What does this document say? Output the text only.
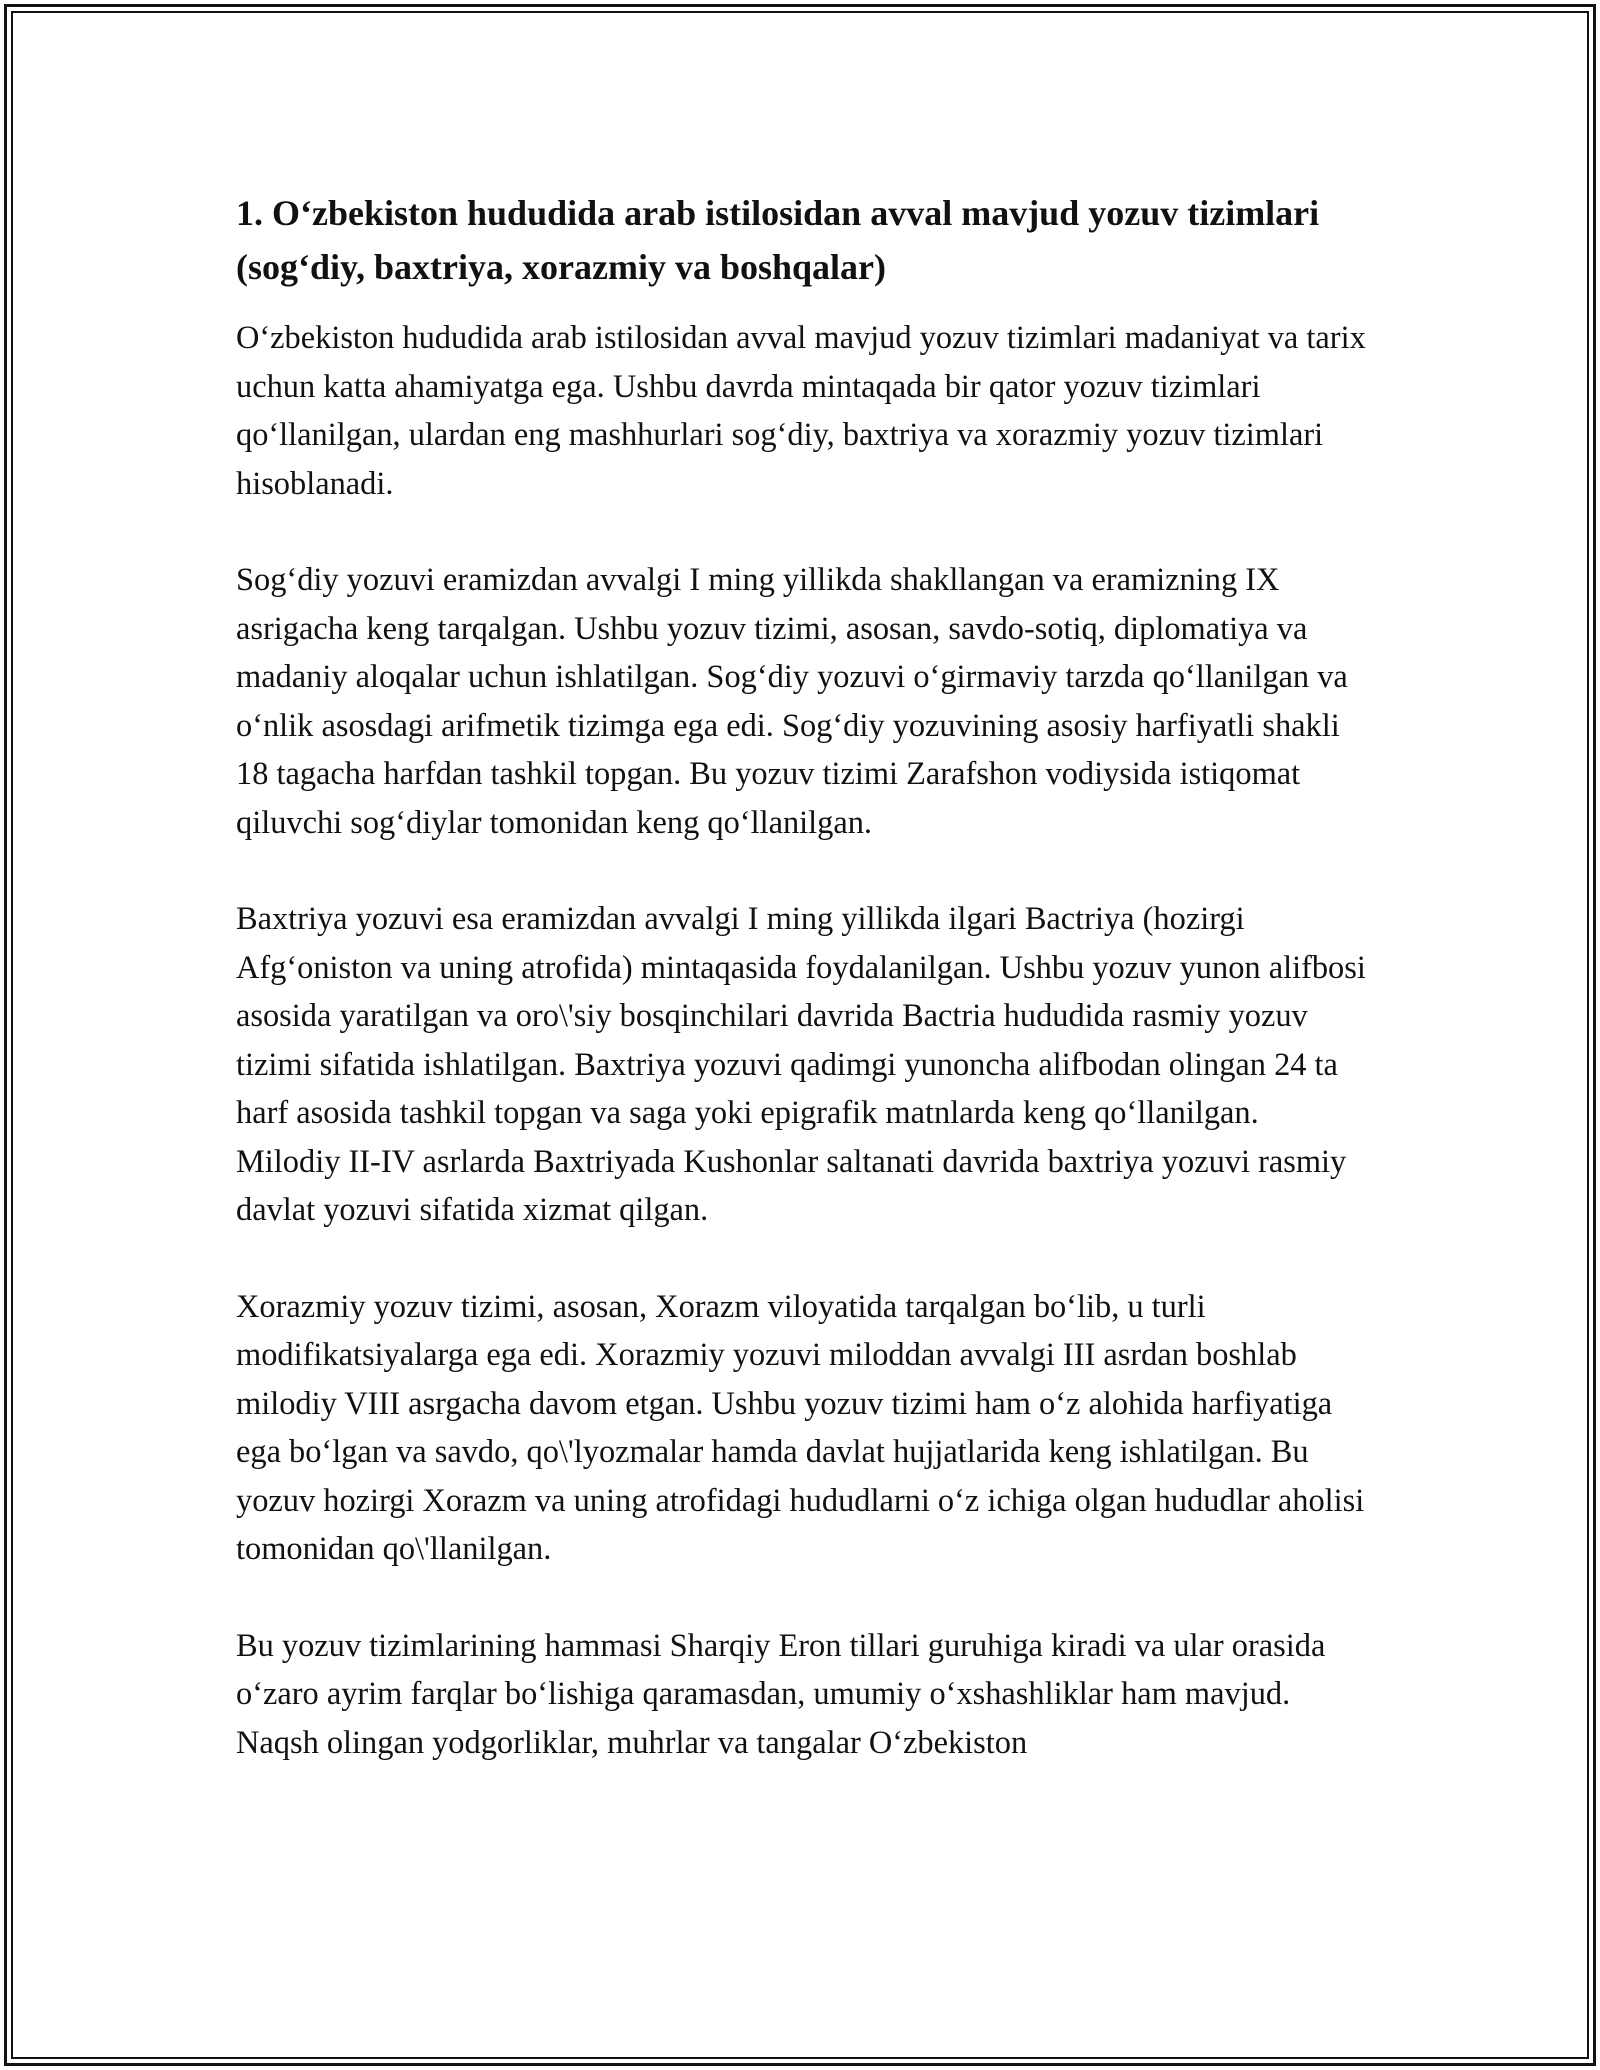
1. O‘zbekiston hududida arab istilosidan avval mavjud yozuv tizimlari (sog‘diy, baxtriya, xorazmiy va boshqalar)

O‘zbekiston hududida arab istilosidan avval mavjud yozuv tizimlari madaniyat va tarix uchun katta ahamiyatga ega. Ushbu davrda mintaqada bir qator yozuv tizimlari qo‘llanilgan, ulardan eng mashhurlari sog‘diy, baxtriya va xorazmiy yozuv tizimlari hisoblanadi.

Sog‘diy yozuvi eramizdan avvalgi I ming yillikda shakllangan va eramizning IX asrigacha keng tarqalgan. Ushbu yozuv tizimi, asosan, savdo-sotiq, diplomatiya va madaniy aloqalar uchun ishlatilgan. Sog‘diy yozuvi o‘girmaviy tarzda qo‘llanilgan va o‘nlik asosdagi arifmetik tizimga ega edi. Sog‘diy yozuvining asosiy harfiyatli shakli 18 tagacha harfdan tashkil topgan. Bu yozuv tizimi Zarafshon vodiysida istiqomat qiluvchi sog‘diylar tomonidan keng qo‘llanilgan.

Baxtriya yozuvi esa eramizdan avvalgi I ming yillikda ilgari Bactriya (hozirgi Afg‘oniston va uning atrofida) mintaqasida foydalanilgan. Ushbu yozuv yunon alifbosi asosida yaratilgan va oro\'siy bosqinchilari davrida Bactria hududida rasmiy yozuv tizimi sifatida ishlatilgan. Baxtriya yozuvi qadimgi yunoncha alifbodan olingan 24 ta harf asosida tashkil topgan va saga yoki epigrafik matnlarda keng qo‘llanilgan. Milodiy II-IV asrlarda Baxtriyada Kushonlar saltanati davrida baxtriya yozuvi rasmiy davlat yozuvi sifatida xizmat qilgan.

Xorazmiy yozuv tizimi, asosan, Xorazm viloyatida tarqalgan bo‘lib, u turli modifikatsiyalarga ega edi. Xorazmiy yozuvi miloddan avvalgi III asrdan boshlab milodiy VIII asrgacha davom etgan. Ushbu yozuv tizimi ham o‘z alohida harfiyatiga ega bo‘lgan va savdo, qo\'lyozmalar hamda davlat hujjatlarida keng ishlatilgan. Bu yozuv hozirgi Xorazm va uning atrofidagi hududlarni o‘z ichiga olgan hududlar aholisi tomonidan qo\'llanilgan.

Bu yozuv tizimlarining hammasi Sharqiy Eron tillari guruhiga kiradi va ular orasida o‘zaro ayrim farqlar bo‘lishiga qaramasdan, umumiy o‘xshashliklar ham mavjud. Naqsh olingan yodgorliklar, muhrlar va tangalar O‘zbekiston
